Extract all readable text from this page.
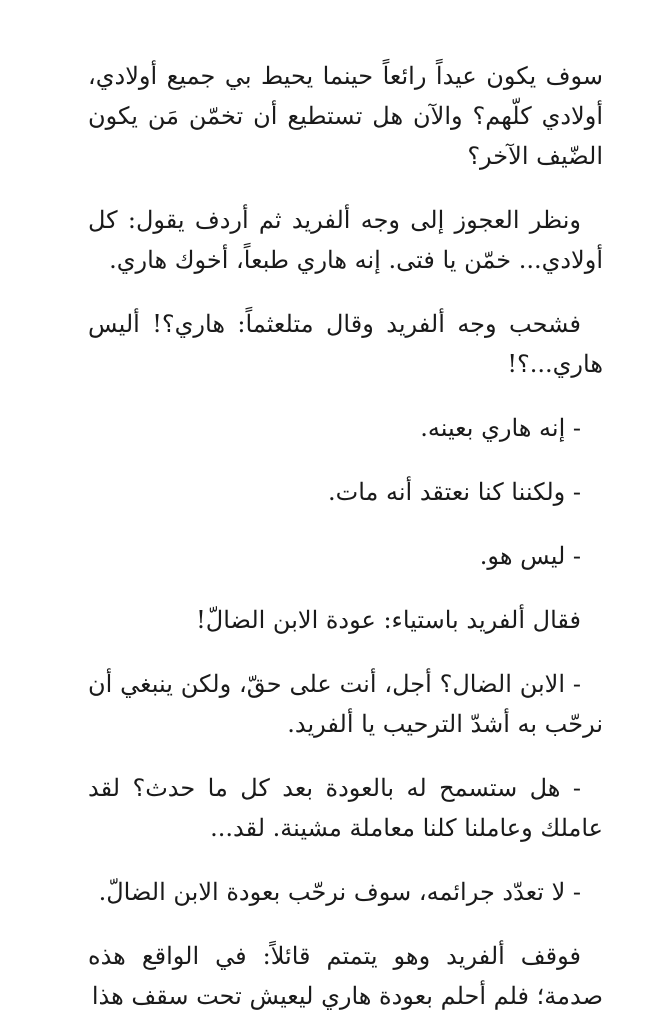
سوف يكون عيداً رائعاً حينما يحيط بي جميع أولادي، أولادي كلّهم؟ والآن هل تستطيع أن تخمّن مَن يكون الضّيف الآخر؟

ونظر العجوز إلى وجه ألفريد ثم أردف يقول: كل أولادي... خمّن يا فتى. إنه هاري طبعاً، أخوك هاري.

فشحب وجه ألفريد وقال متلعثماً: هاري؟! أليس هاري...؟!

- إنه هاري بعينه.

- ولكننا كنا نعتقد أنه مات.

- ليس هو.

فقال ألفريد باستياء: عودة الابن الضالّ!

- الابن الضال؟ أجل، أنت على حقّ، ولكن ينبغي أن نرحّب به أشدّ الترحيب يا ألفريد.

- هل ستسمح له بالعودة بعد كل ما حدث؟ لقد عاملك وعاملنا كلنا معاملة مشينة. لقد...

- لا تعدّد جرائمه، سوف نرحّب بعودة الابن الضالّ.

فوقف ألفريد وهو يتمتم قائلاً: في الواقع هذه صدمة؛ فلم أحلم بعودة هاري ليعيش تحت سقف هذا
